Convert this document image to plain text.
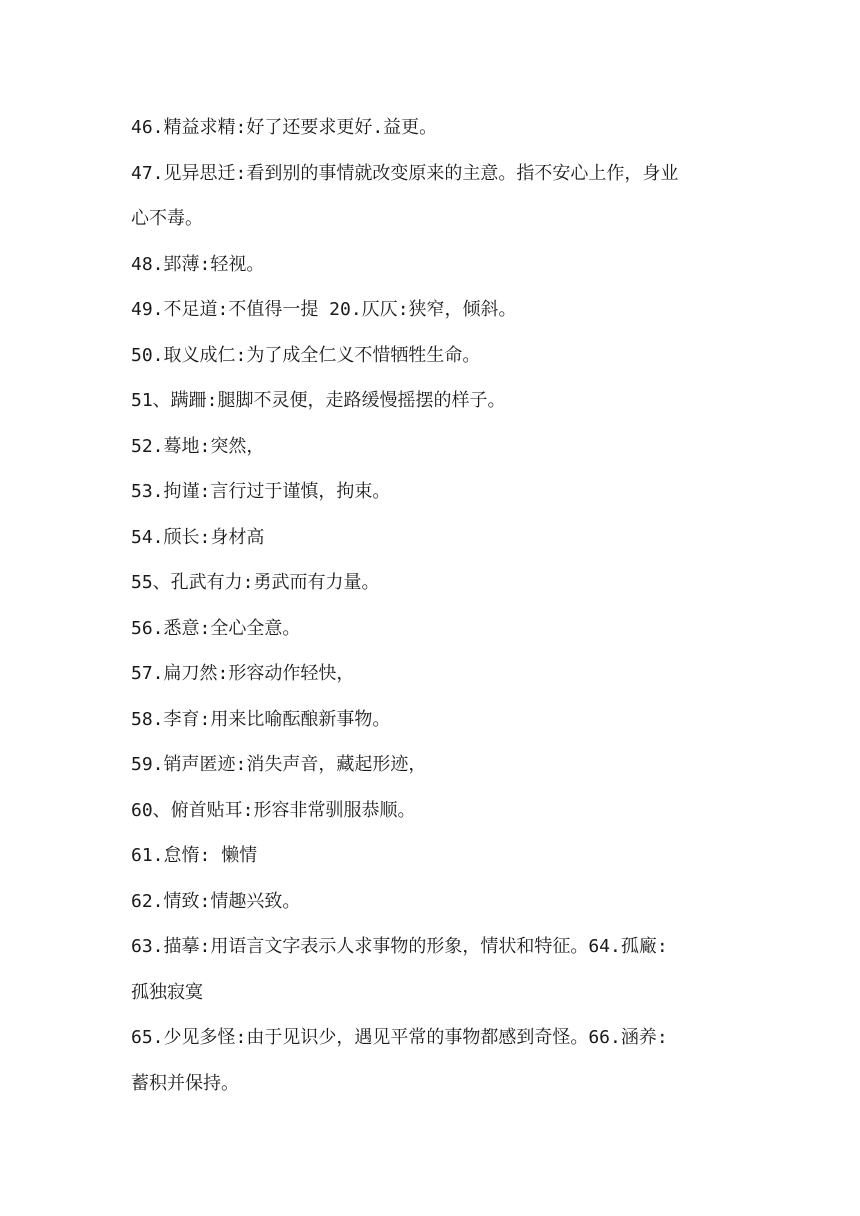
46.精益求精:好了还要求更好.益更。
47.见异思迁:看到别的事情就改变原来的主意。指不安心上作，身业
心不毒。
48.郢薄:轻视。
49.不足道:不值得一提 20.仄仄:狭窄，倾斜。
50.取义成仁:为了成全仁义不惜牺牲生命。
51、蹒跚:腿脚不灵便，走路缓慢摇摆的样子。
52.蓦地:突然，
53.拘谨:言行过于谨慎，拘束。
54.颀长:身材高
55、孔武有力:勇武而有力量。
56.悉意:全心全意。
57.扁刀然:形容动作轻快，
58.李育:用来比喻酝酿新事物。
59.销声匿迹:消失声音，藏起形迹，
60、俯首贴耳:形容非常驯服恭顺。
61.怠惰: 懒情
62.情致:情趣兴致。
63.描摹:用语言文字表示人求事物的形象，情状和特征。64.孤廠:
孤独寂寞
65.少见多怪:由于见识少，遇见平常的事物都感到奇怪。66.涵养:
蓄积并保持。
